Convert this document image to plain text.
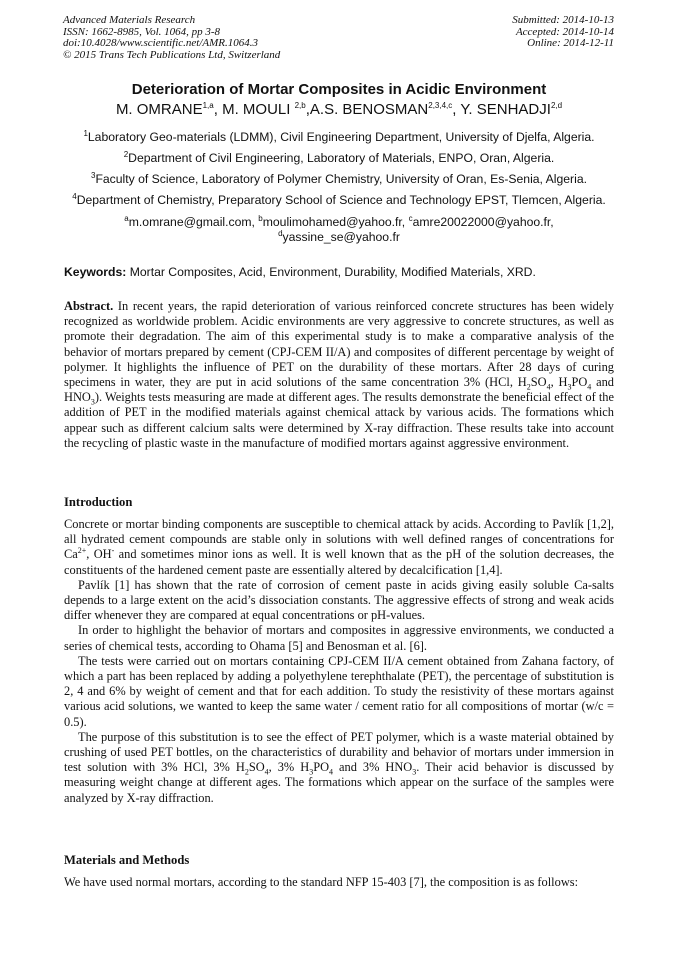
Advanced Materials Research
ISSN: 1662-8985, Vol. 1064, pp 3-8
doi:10.4028/www.scientific.net/AMR.1064.3
© 2015 Trans Tech Publications Ltd, Switzerland
Submitted: 2014-10-13
Accepted: 2014-10-14
Online: 2014-12-11
Deterioration of Mortar Composites in Acidic Environment
M. OMRANE$^{1,a}$, M. MOULI $^{2,b}$,A.S. BENOSMAN$^{2,3,4,c}$, Y. SENHADJI$^{2,d}$
$^1$Laboratory Geo-materials (LDMM), Civil Engineering Department, University of Djelfa, Algeria.
$^2$Department of Civil Engineering, Laboratory of Materials, ENPO, Oran, Algeria.
$^3$Faculty of Science, Laboratory of Polymer Chemistry, University of Oran, Es-Senia, Algeria.
$^4$Department of Chemistry, Preparatory School of Science and Technology EPST, Tlemcen, Algeria.
$^a$m.omrane@gmail.com, $^b$moulimohamed@yahoo.fr, $^c$amre20022000@yahoo.fr,
$^d$yassine_se@yahoo.fr
Keywords: Mortar Composites, Acid, Environment, Durability, Modified Materials, XRD.

Abstract. In recent years, the rapid deterioration of various reinforced concrete structures has been widely recognized as worldwide problem. Acidic environments are very aggressive to concrete structures, as well as promote their degradation. The aim of this experimental study is to make a comparative analysis of the behavior of mortars prepared by cement (CPJ-CEM II/A) and composites of different percentage by weight of polymer. It highlights the influence of PET on the durability of these mortars. After 28 days of curing specimens in water, they are put in acid solutions of the same concentration 3% (HCl, $H_2SO_4$, $H_3PO_4$ and $HNO_3$). Weights tests measuring are made at different ages. The results demonstrate the beneficial effect of the addition of PET in the modified materials against chemical attack by various acids. The formations which appear such as different calcium salts were determined by X-ray diffraction. These results take into account the recycling of plastic waste in the manufacture of modified mortars against aggressive environment.

Introduction

Concrete or mortar binding components are susceptible to chemical attack by acids. According to Pavlík [1,2], all hydrated cement compounds are stable only in solutions with well defined ranges of concentrations for $Ca^{2+}$, OH- and sometimes minor ions as well. It is well known that as the pH of the solution decreases, the constituents of the hardened cement paste are essentially altered by decalcification [1,4].

Pavlík [1] has shown that the rate of corrosion of cement paste in acids giving easily soluble Ca-salts depends to a large extent on the acid’s dissociation constants. The aggressive effects of strong and weak acids differ whenever they are compared at equal concentrations or pH-values.

In order to highlight the behavior of mortars and composites in aggressive environments, we conducted a series of chemical tests, according to Ohama [5] and Benosman et al. [6].

The tests were carried out on mortars containing CPJ-CEM II/A cement obtained from Zahana factory, of which a part has been replaced by adding a polyethylene terephthalate (PET), the percentage of substitution is 2, 4 and 6% by weight of cement and that for each addition. To study the resistivity of these mortars against various acid solutions, we wanted to keep the same water / cement ratio for all compositions of mortar (w/c = 0.5).

The purpose of this substitution is to see the effect of PET polymer, which is a waste material obtained by crushing of used PET bottles, on the characteristics of durability and behavior of mortars under immersion in test solution with 3% HCl, 3% $H_2SO_4$, 3% $H_3PO_4$ and 3% $HNO_3$. Their acid behavior is discussed by measuring weight change at different ages. The formations which appear on the surface of the samples were analyzed by X-ray diffraction.

Materials and Methods

We have used normal mortars, according to the standard NFP 15-403 [7], the composition is as follows:
